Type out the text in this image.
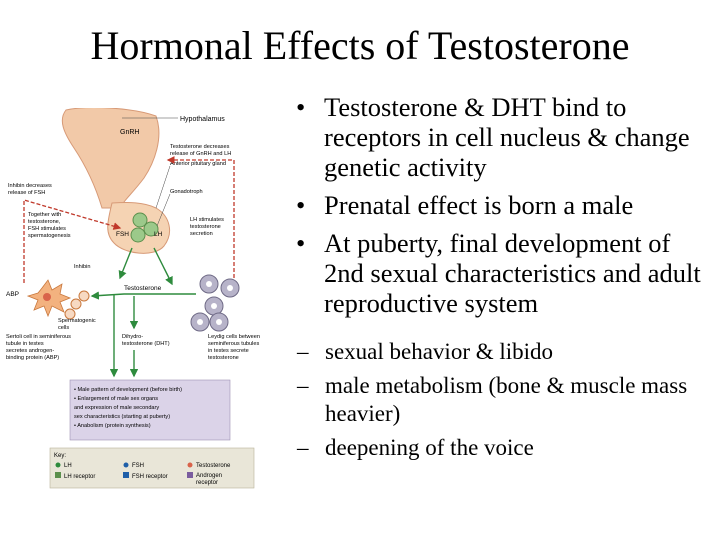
Hormonal Effects of Testosterone
Hypothalamus
GnRH
Testosterone decreases release of GnRH and LH
Anterior pituitary gland
Inhibin decreases release of FSH	Gonadotroph
Together with testosterone, FSH stimulates spermatogenesis	FSH	LH
LH stimulates testosterone secretion
Inhibin
Testosterone
ABP
Spermatogenic cells
Sertoli cell in seminiferous tubule in testes secretes androgen- binding protein (ABP)
Dihydro- testosterone (DHT)
Leydig cells between seminiferous tubules in testes secrete testosterone
• Male pattern of development (before birth) • Enlargement of male sex organs and expression of male secondary sex characteristics (starting at puberty) • Anabolism (protein synthesis)
Key:
LH
LH receptor
FSH
FSH receptor
Testosterone
Androgen receptor
• Testosterone & DHT bind to receptors in cell nucleus & change genetic activity
• Prenatal effect is born a male
• At puberty, final development of 2nd sexual characteristics and adult reproductive system
– sexual behavior & libido
– male metabolism (bone & muscle mass heavier)
– deepening of the voice
